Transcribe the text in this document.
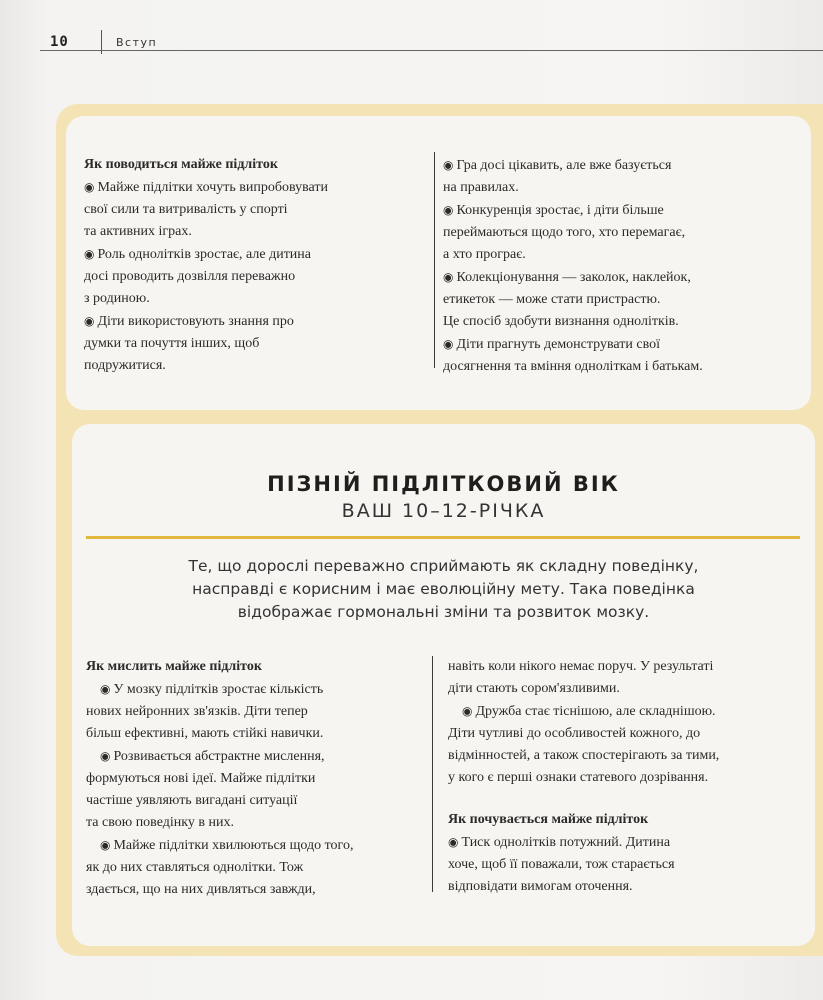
10	Вступ

Як поводиться майже підліток

◉ Майже підлітки хочуть випробовувати

свої сили та витривалість у спорті

та активних іграх.

◉ Роль однолітків зростає, але дитина

досі проводить дозвілля переважно

з родиною.

◉ Діти використовують знання про

думки та почуття інших, щоб

подружитися.

◉ Гра досі цікавить, але вже базується

на правилах.

◉ Конкуренція зростає, і діти більше

переймаються щодо того, хто перемагає,

а хто програє.

◉ Колекціонування — заколок, наклейок,

етикеток — може стати пристрастю.

Це спосіб здобути визнання однолітків.

◉ Діти прагнуть демонструвати свої

досягнення та вміння одноліткам і батькам.

ПІЗНІЙ ПІДЛІТКОВИЙ ВІК
ВАШ 10–12-РІЧКА

Те, що дорослі переважно сприймають як складну поведінку,

насправді є корисним і має еволюційну мету. Така поведінка

відображає гормональні зміни та розвиток мозку.

Як мислить майже підліток

◉ У мозку підлітків зростає кількість

нових нейронних зв'язків. Діти тепер

більш ефективні, мають стійкі навички.

◉ Розвивається абстрактне мислення,

формуються нові ідеї. Майже підлітки

частіше уявляють вигадані ситуації

та свою поведінку в них.

◉ Майже підлітки хвилюються щодо того,

як до них ставляться однолітки. Тож

здається, що на них дивляться завжди,

навіть коли нікого немає поруч. У результаті

діти стають сором'язливими.

◉ Дружба стає тіснішою, але складнішою.

Діти чутливі до особливостей кожного, до

відмінностей, а також спостерігають за тими,

у кого є перші ознаки статевого дозрівання.

Як почувається майже підліток

◉ Тиск однолітків потужний. Дитина

хоче, щоб її поважали, тож старається

відповідати вимогам оточення.
